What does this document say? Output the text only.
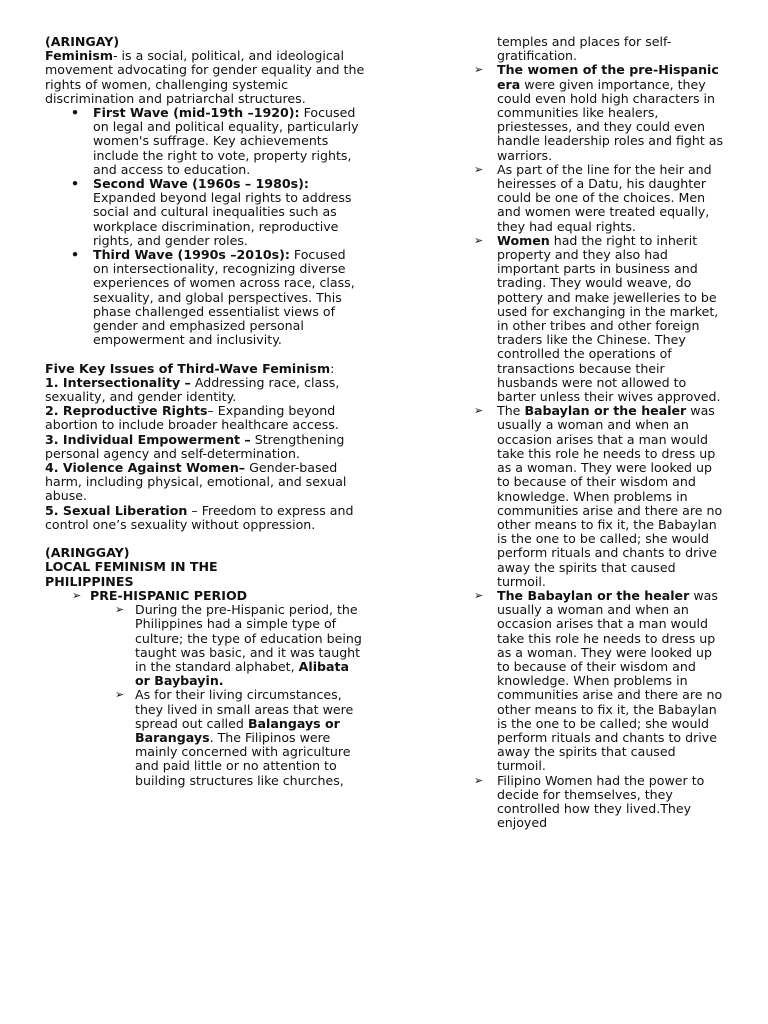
(ARINGAY)

Feminism- is a social, political, and ideological movement advocating for gender equality and the rights of women, challenging systemic discrimination and patriarchal structures.

• First Wave (mid-19th –1920): Focused on legal and political equality, particularly women's suffrage. Key achievements include the right to vote, property rights, and access to education.
• Second Wave (1960s – 1980s): Expanded beyond legal rights to address social and cultural inequalities such as workplace discrimination, reproductive rights, and gender roles.
• Third Wave (1990s –2010s): Focused on intersectionality, recognizing diverse experiences of women across race, class, sexuality, and global perspectives. This phase challenged essentialist views of gender and emphasized personal empowerment and inclusivity.

Five Key Issues of Third-Wave Feminism:

1. Intersectionality – Addressing race, class, sexuality, and gender identity.

2. Reproductive Rights– Expanding beyond abortion to include broader healthcare access.

3. Individual Empowerment – Strengthening personal agency and self-determination.

4. Violence Against Women– Gender-based harm, including physical, emotional, and sexual abuse.

5. Sexual Liberation – Freedom to express and control one’s sexuality without oppression.

(ARINGGAY)

LOCAL FEMINISM IN THE PHILIPPINES

➢ PRE-HISPANIC PERIOD
➢ During the pre-Hispanic period, the Philippines had a simple type of culture; the type of education being taught was basic, and it was taught in the standard alphabet, Alibata or Baybayin.
➢ As for their living circumstances, they lived in small areas that were spread out called Balangays or Barangays. The Filipinos were mainly concerned with agriculture and paid little or no attention to building structures like churches,

temples and places for self-gratification.

➢ The women of the pre-Hispanic era were given importance, they could even hold high characters in communities like healers, priestesses, and they could even handle leadership roles and fight as warriors.
➢ As part of the line for the heir and heiresses of a Datu, his daughter could be one of the choices. Men and women were treated equally, they had equal rights.
➢ Women had the right to inherit property and they also had important parts in business and trading. They would weave, do pottery and make jewelleries to be used for exchanging in the market, in other tribes and other foreign traders like the Chinese. They controlled the operations of transactions because their husbands were not allowed to barter unless their wives approved.
➢ The Babaylan or the healer was usually a woman and when an occasion arises that a man would take this role he needs to dress up as a woman. They were looked up to because of their wisdom and knowledge. When problems in communities arise and there are no other means to fix it, the Babaylan is the one to be called; she would perform rituals and chants to drive away the spirits that caused turmoil.
➢ The Babaylan or the healer was usually a woman and when an occasion arises that a man would take this role he needs to dress up as a woman. They were looked up to because of their wisdom and knowledge. When problems in communities arise and there are no other means to fix it, the Babaylan is the one to be called; she would perform rituals and chants to drive away the spirits that caused turmoil.
➢ Filipino Women had the power to decide for themselves, they controlled how they lived.They enjoyed
